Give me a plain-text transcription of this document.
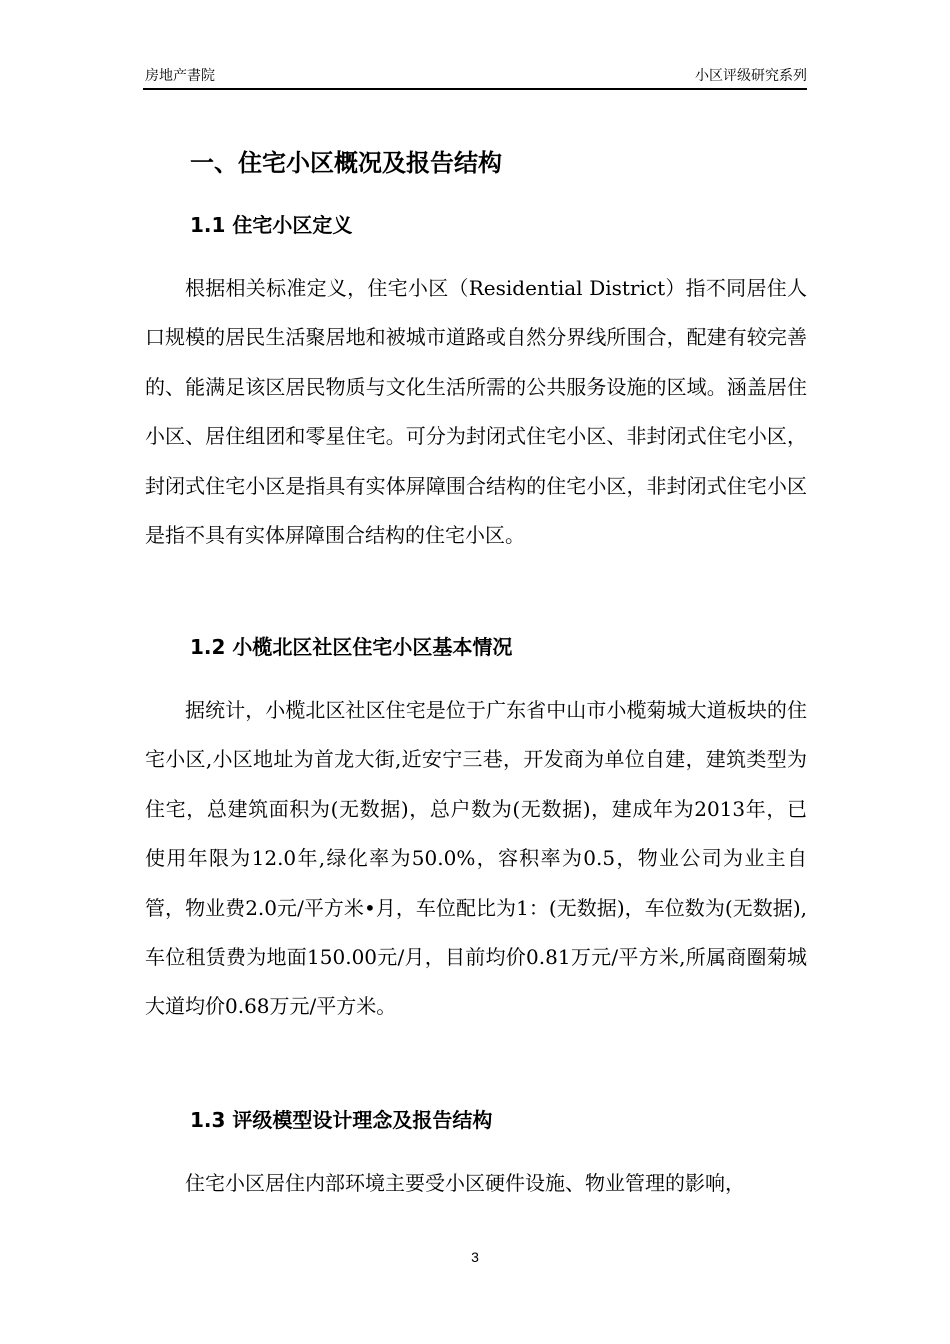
房地产書院	小区评级研究系列
一、住宅小区概况及报告结构
1.1 住宅小区定义

根据相关标准定义，住宅小区（Residential District）指不同居住人口规模的居民生活聚居地和被城市道路或自然分界线所围合，配建有较完善的、能满足该区居民物质与文化生活所需的公共服务设施的区域。涵盖居住小区、居住组团和零星住宅。可分为封闭式住宅小区、非封闭式住宅小区，封闭式住宅小区是指具有实体屏障围合结构的住宅小区，非封闭式住宅小区是指不具有实体屏障围合结构的住宅小区。

1.2 小榄北区社区住宅小区基本情况

据统计，小榄北区社区住宅是位于广东省中山市小榄菊城大道板块的住宅小区,小区地址为首龙大街,近安宁三巷，开发商为单位自建，建筑类型为住宅，总建筑面积为(无数据)，总户数为(无数据)，建成年为2013年，已使用年限为12.0年,绿化率为50.0%，容积率为0.5，物业公司为业主自管，物业费2.0元/平方米•月，车位配比为1：(无数据)，车位数为(无数据),车位租赁费为地面150.00元/月，目前均价0.81万元/平方米,所属商圈菊城大道均价0.68万元/平方米。

1.3 评级模型设计理念及报告结构

住宅小区居住内部环境主要受小区硬件设施、物业管理的影响，

3
